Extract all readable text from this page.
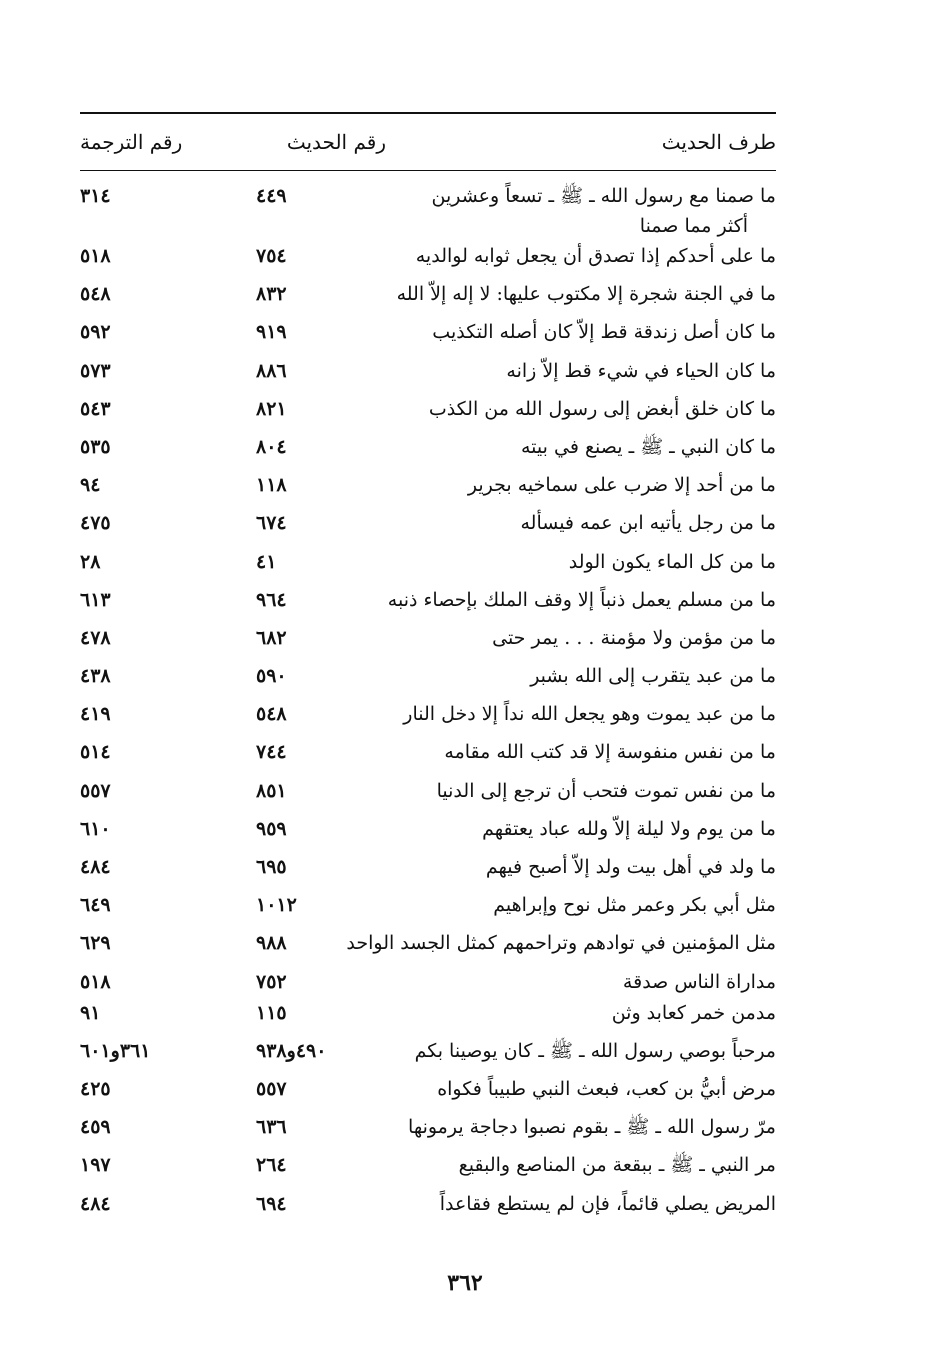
طرف الحديث
رقم الحديث
رقم الترجمة
ما صمنا مع رسول الله ـ ﷺ ـ تسعاً وعشرين
أكثر مما صمنا
٤٤٩
٣١٤
ما على أحدكم إذا تصدق أن يجعل ثوابه لوالديه
٧٥٤
٥١٨
ما في الجنة شجرة إلا مكتوب عليها: لا إله إلاّ الله
٨٣٢
٥٤٨
ما كان أصل زندقة قط إلاّ كان أصله التكذيب
٩١٩
٥٩٢
ما كان الحياء في شيء قط إلاّ زانه
٨٨٦
٥٧٣
ما كان خلق أبغض إلى رسول الله من الكذب
٨٢١
٥٤٣
ما كان النبي ـ ﷺ ـ يصنع في بيته
٨٠٤
٥٣٥
ما من أحد إلا ضرب على سماخيه بجرير
١١٨
٩٤
ما من رجل يأتيه ابن عمه فيسأله
٦٧٤
٤٧٥
ما من كل الماء يكون الولد
٤١
٢٨
ما من مسلم يعمل ذنباً إلا وقف الملك بإحصاء ذنبه
٩٦٤
٦١٣
ما من مؤمن ولا مؤمنة . . . يمر حتى
٦٨٢
٤٧٨
ما من عبد يتقرب إلى الله بشبر
٥٩٠
٤٣٨
ما من عبد يموت وهو يجعل الله نداً إلا دخل النار
٥٤٨
٤١٩
ما من نفس منفوسة إلا قد كتب الله مقامه
٧٤٤
٥١٤
ما من نفس تموت فتحب أن ترجع إلى الدنيا
٨٥١
٥٥٧
ما من يوم ولا ليلة إلاّ ولله عباد يعتقهم
٩٥٩
٦١٠
ما ولد في أهل بيت ولد إلاّ أصبح فيهم
٦٩٥
٤٨٤
مثل أبي بكر وعمر مثل نوح وإبراهيم
١٠١٢
٦٤٩
مثل المؤمنين في توادهم وتراحمهم كمثل الجسد الواحد
٩٨٨
٦٢٩
مداراة الناس صدقة
٧٥٢
٥١٨
مدمن خمر كعابد وثن
١١٥
٩١
مرحباً بوصي رسول الله ـ ﷺ ـ كان يوصينا بكم
٤٩٠و٩٣٨
٣٦١و٦٠١
مرض أبيُّ بن كعب، فبعث النبي طبيباً فكواه
٥٥٧
٤٢٥
مرّ رسول الله ـ ﷺ ـ بقوم نصبوا دجاجة يرمونها
٦٣٦
٤٥٩
مر النبي ـ ﷺ ـ ببقعة من المناصع والبقيع
٢٦٤
١٩٧
المريض يصلي قائماً، فإن لم يستطع فقاعداً
٦٩٤
٤٨٤
٣٦٢
